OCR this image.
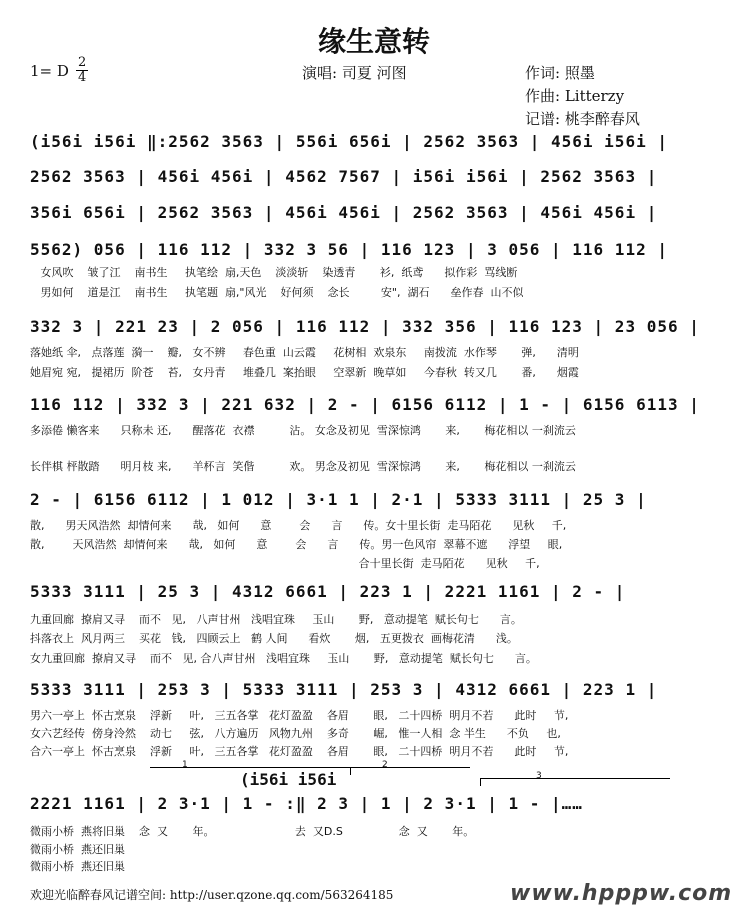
缘生意转
1= D 2
4	演唱: 司夏 河图	作词: 照墨
作曲: Litterzy
记谱: 桃李醉春风
(i56i i56i ‖:2562 3563 | 556i 656i | 2562 3563 | 456i i56i |
2562 3563 | 456i 456i | 4562 7567 | i56i i56i | 2562 3563 |
356i 656i | 2562 3563 | 456i 456i | 2562 3563 | 456i 456i |
5562) 056 | 116 112 | 332 3 56 | 116 123 | 3 056 | 116 112 |
女风吹    皱了江    南书生     执笔绘  扇,天色    淡淡斩    染透青       衫,  纸鸢      拟作彩  骂线断
男如何    道是江    南书生     执笔题  扇,"风光    好何须    念长         安",  湖石      垒作春  山不似
332 3 | 221 23 | 2 056 | 116 112 | 332 356 | 116 123 | 23 056 |
落她纸 伞,   点落莲  漪一    瓣,   女不辨     春色重  山云霞     花树相  欢泉东     南拨流  水作琴       弹,      清明
她眉宛 宛,   提裙历  阶苍    苔,   女丹青     堆叠几  案抬眼     空翠新  晚草如     今春秋  转又几       番,      烟霞
116 112 | 332 3 | 221 632 | 2 - | 6156 6112 | 1 - | 6156 6113 |
多添倦 懒客来      只称未 还,      醒落花  衣襟          沾。 女念及初见  雪深惊鸿       来,       梅花相以 一刹流云
长伴棋 枰散踏      明月枝 来,      羊杯言  笑偕          欢。 男念及初见  雪深惊鸿       来,       梅花相以 一刹流云
2 - | 6156 6112 | 1 012 | 3·1 1 | 2·1 | 5333 3111 | 25 3 |
散,      男天风浩然  却情何来      哉,   如何      意        会      言      传。女十里长街  走马陌花      见秋     千,
散,        天风浩然  却情何来      哉,   如何      意        会      言      传。男一色风帘  翠幕不遮      浮望     眼,
合十里长街  走马陌花      见秋     千,
5333 3111 | 25 3 | 4312 6661 | 223 1 | 2221 1161 | 2 - |
九重回廊  撩肩又寻    而不   见,   八声甘州   浅唱宜珠     玉山       野,   意动提笔  赋长句七      言。
抖落衣上  风月两三    买花   钱,   四顾云上   鹤 人间      看炊       烟,   五更拨衣  画梅花清      浅。
女九重回廊  撩肩又寻    而不   见, 合八声甘州   浅唱宜珠     玉山       野,   意动提笔  赋长句七      言。
5333 3111 | 253 3 | 5333 3111 | 253 3 | 4312 6661 | 223 1 |
男六一亭上  怀古烹泉    浮新     叶,   三五各掌   花灯盈盈    各眉       眼,   二十四桥  明月不若      此时     节,
女六艺经传  傍身泠然    动七     弦,   八方遍历   风物九州    多奇       崛,   惟一人相  念 半生      不负     也,
合六一亭上  怀古烹泉    浮新     叶,   三五各掌   花灯盈盈    各眉       眼,   二十四桥  明月不若      此时     节,
1	2
3
(i56i i56i
2221 1161 | 2 3·1 | 1 - :‖ 2 3 | 1 | 2 3·1 | 1 - |……
微雨小桥  燕将旧巢    念  又       年。                       去  又D.S                念  又       年。
微雨小桥  燕还旧巢
微雨小桥  燕还旧巢
欢迎光临醉春风记谱空间: http://user.qzone.qq.com/563264185	www.hpppw.com
